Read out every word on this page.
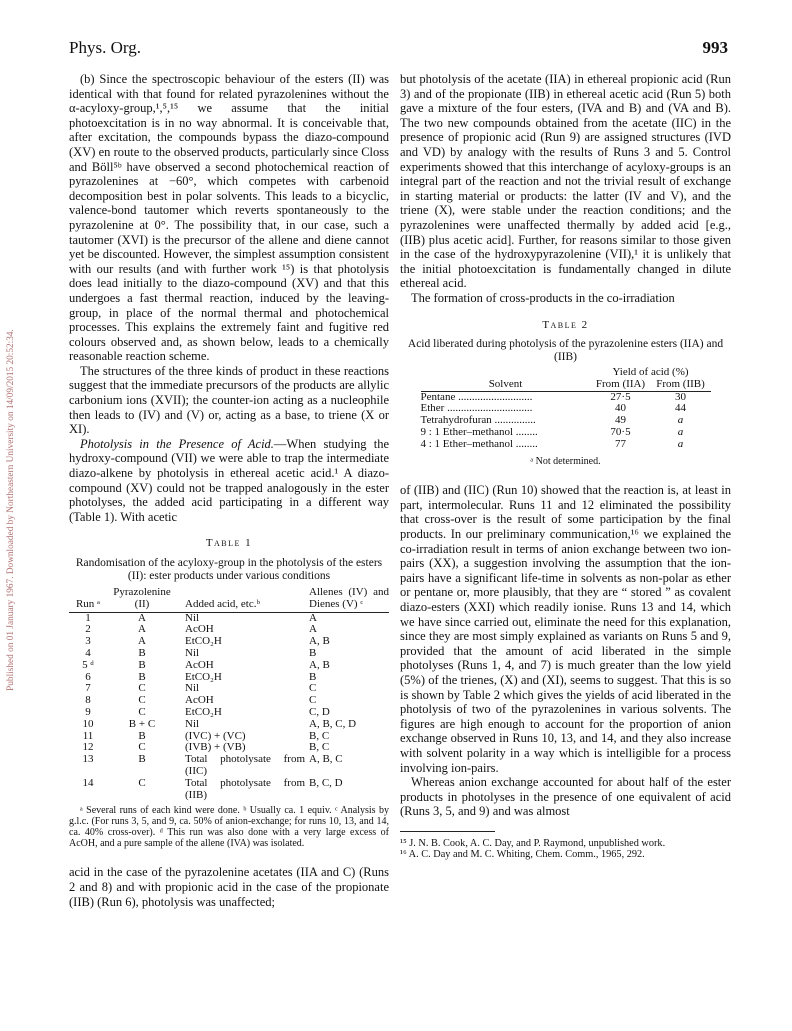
Phys. Org.	993
Published on 01 January 1967. Downloaded by Northeastern University on 14/09/2015 20:52:34.

(b) Since the spectroscopic behaviour of the esters (II) was identical with that found for related pyrazolenines without the α-acyloxy-group,¹,⁵,¹⁵ we assume that the initial photoexcitation is in no way abnormal. It is conceivable that, after excitation, the compounds bypass the diazo-compound (XV) en route to the observed products, particularly since Closs and Böll⁵ᵇ have observed a second photochemical reaction of pyrazolenines at −60°, which competes with carbenoid decomposition best in polar solvents. This leads to a bicyclic, valence-bond tautomer which reverts spontaneously to the pyrazolenine at 0°. The possibility that, in our case, such a tautomer (XVI) is the precursor of the allene and diene cannot yet be discounted. However, the simplest assumption consistent with our results (and with further work ¹⁵) is that photolysis does lead initially to the diazo-compound (XV) and that this undergoes a fast thermal reaction, induced by the leaving-group, in place of the normal thermal and photochemical processes. This explains the extremely faint and fugitive red colours observed and, as shown below, leads to a chemically reasonable reaction scheme.

The structures of the three kinds of product in these reactions suggest that the immediate precursors of the products are allylic carbonium ions (XVII); the counter-ion acting as a nucleophile then leads to (IV) and (V) or, acting as a base, to triene (X or XI).

Photolysis in the Presence of Acid.—When studying the hydroxy-compound (VII) we were able to trap the intermediate diazo-alkene by photolysis in ethereal acetic acid.¹ A diazo-compound (XV) could not be trapped analogously in the ester photolyses, the added acid participating in a different way (Table 1). With acetic

Table 1
Randomisation of the acyloxy-group in the photolysis of the esters (II): ester products under various conditions
Run ᵃ	Pyrazolenine (II)	Added acid, etc.ᵇ	Allenes (IV) and Dienes (V) ᶜ
1	A	Nil	A
2	A	AcOH	A
3	A	EtCO₂H	A, B
4	B	Nil	B
5 ᵈ	B	AcOH	A, B
6	B	EtCO₂H	B
7	C	Nil	C
8	C	AcOH	C
9	C	EtCO₂H	C, D
10	B + C	Nil	A, B, C, D
11	B	(IVC) + (VC)	B, C
12	C	(IVB) + (VB)	B, C
13	B	Total photolysate from (IIC)	A, B, C
14	C	Total photolysate from (IIB)	B, C, D
ᵃ Several runs of each kind were done. ᵇ Usually ca. 1 equiv. ᶜ Analysis by g.l.c. (For runs 3, 5, and 9, ca. 50% of anion-exchange; for runs 10, 13, and 14, ca. 40% cross-over). ᵈ This run was also done with a very large excess of AcOH, and a pure sample of the allene (IVA) was isolated.

acid in the case of the pyrazolenine acetates (IIA and C) (Runs 2 and 8) and with propionic acid in the case of the propionate (IIB) (Run 6), photolysis was unaffected;

but photolysis of the acetate (IIA) in ethereal propionic acid (Run 3) and of the propionate (IIB) in ethereal acetic acid (Run 5) both gave a mixture of the four esters, (IVA and B) and (VA and B). The two new compounds obtained from the acetate (IIC) in the presence of propionic acid (Run 9) are assigned structures (IVD and VD) by analogy with the results of Runs 3 and 5. Control experiments showed that this interchange of acyloxy-groups is an integral part of the reaction and not the trivial result of exchange in starting material or products: the latter (IV and V), and the triene (X), were stable under the reaction conditions; and the pyrazolenines were unaffected thermally by added acid [e.g., (IIB) plus acetic acid]. Further, for reasons similar to those given in the case of the hydroxypyrazolenine (VII),¹ it is unlikely that the initial photoexcitation is fundamentally changed in dilute ethereal acid.

The formation of cross-products in the co-irradiation

Table 2
Acid liberated during photolysis of the pyrazolenine esters (IIA) and (IIB)
	Yield of acid (%)	
Solvent	From (IIA)	From (IIB)
Pentane ...........................	27·5	30
Ether ...............................	40	44
Tetrahydrofuran ...............	49	a
9 : 1 Ether–methanol ........	70·5	a
4 : 1 Ether–methanol ........	77	a
ᵃ Not determined.

of (IIB) and (IIC) (Run 10) showed that the reaction is, at least in part, intermolecular. Runs 11 and 12 eliminated the possibility that cross-over is the result of some participation by the final products. In our preliminary communication,¹⁶ we explained the co-irradiation result in terms of anion exchange between two ion-pairs (XX), a suggestion involving the assumption that the ion-pairs have a significant life-time in solvents as non-polar as ether or pentane or, more plausibly, that they are “ stored ” as covalent diazo-esters (XXI) which readily ionise. Runs 13 and 14, which we have since carried out, eliminate the need for this explanation, since they are most simply explained as variants on Runs 5 and 9, provided that the amount of acid liberated in the simple photolyses (Runs 1, 4, and 7) is much greater than the low yield (5%) of the trienes, (X) and (XI), seems to suggest. That this is so is shown by Table 2 which gives the yields of acid liberated in the photolysis of two of the pyrazolenines in various solvents. The figures are high enough to account for the proportion of anion exchange observed in Runs 10, 13, and 14, and they also increase with solvent polarity in a way which is intelligible for a process involving ion-pairs.

Whereas anion exchange accounted for about half of the ester products in photolyses in the presence of one equivalent of acid (Runs 3, 5, and 9) and was almost

¹⁵ J. N. B. Cook, A. C. Day, and P. Raymond, unpublished work.
¹⁶ A. C. Day and M. C. Whiting, Chem. Comm., 1965, 292.
